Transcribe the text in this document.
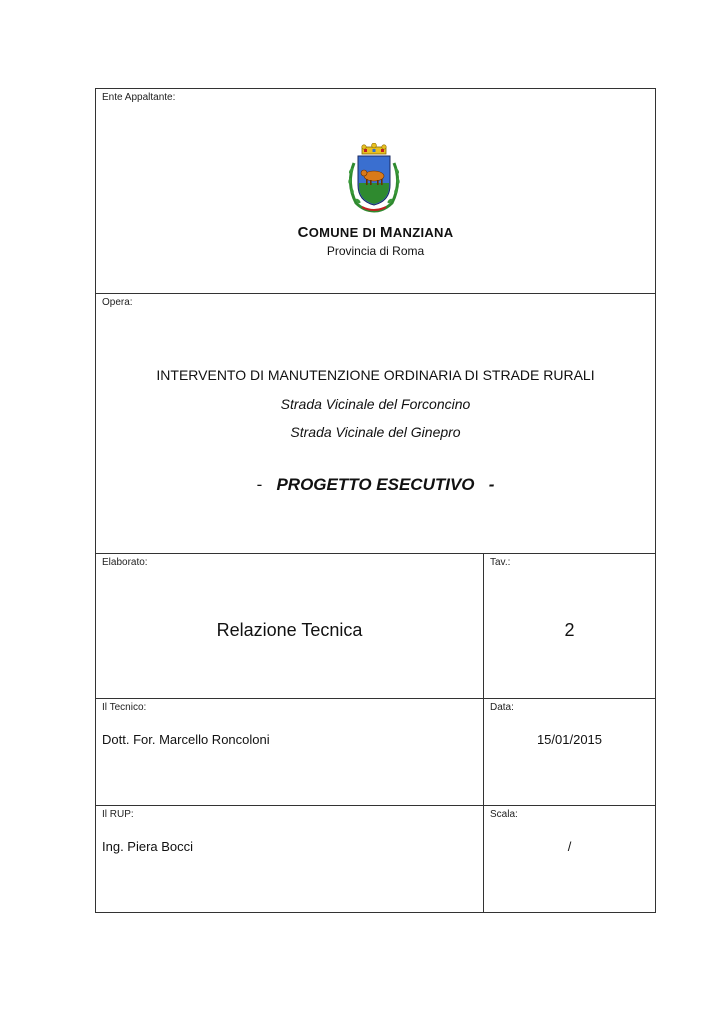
Ente Appaltante:
COMUNE DI MANZIANA
Provincia di Roma
Opera:
INTERVENTO DI MANUTENZIONE ORDINARIA DI STRADE RURALI
Strada Vicinale del Forconcino
Strada Vicinale del Ginepro
- PROGETTO ESECUTIVO -
Elaborato:	Tav.:
Relazione Tecnica	2
Il Tecnico:	Data:
Dott. For. Marcello Roncoloni	15/01/2015
Il RUP:	Scala:
Ing. Piera Bocci	/
